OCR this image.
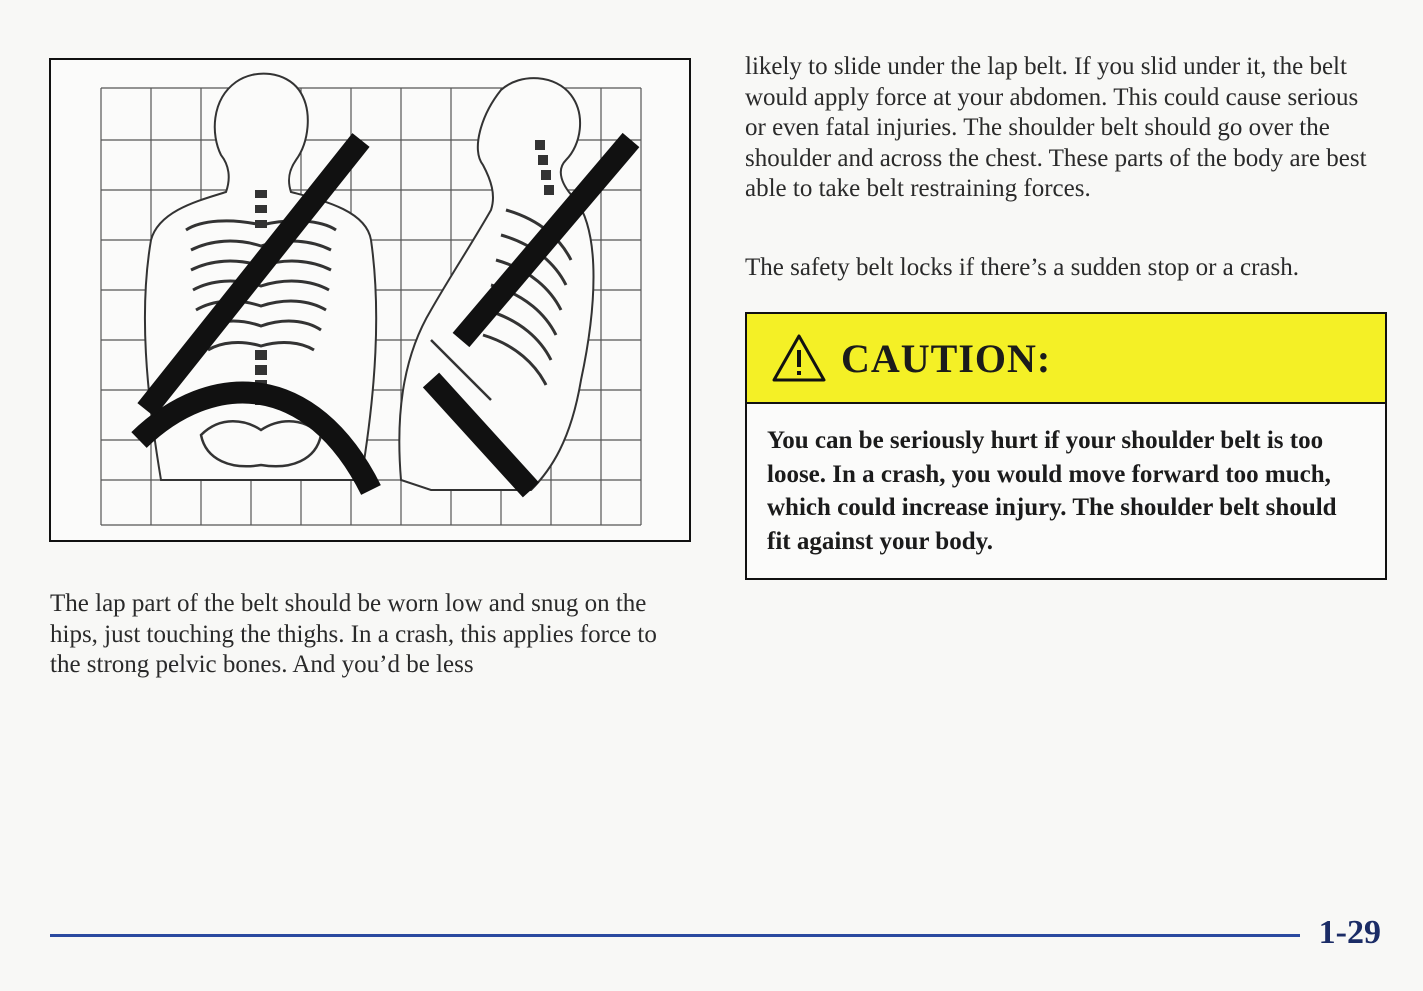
The lap part of the belt should be worn low and snug on the hips, just touching the thighs. In a crash, this applies force to the strong pelvic bones. And you’d be less

likely to slide under the lap belt. If you slid under it, the belt would apply force at your abdomen. This could cause serious or even fatal injuries. The shoulder belt should go over the shoulder and across the chest. These parts of the body are best able to take belt restraining forces.

The safety belt locks if there’s a sudden stop or a crash.

CAUTION:
You can be seriously hurt if your shoulder belt is too loose. In a crash, you would move forward too much, which could increase injury. The shoulder belt should fit against your body.
1-29
